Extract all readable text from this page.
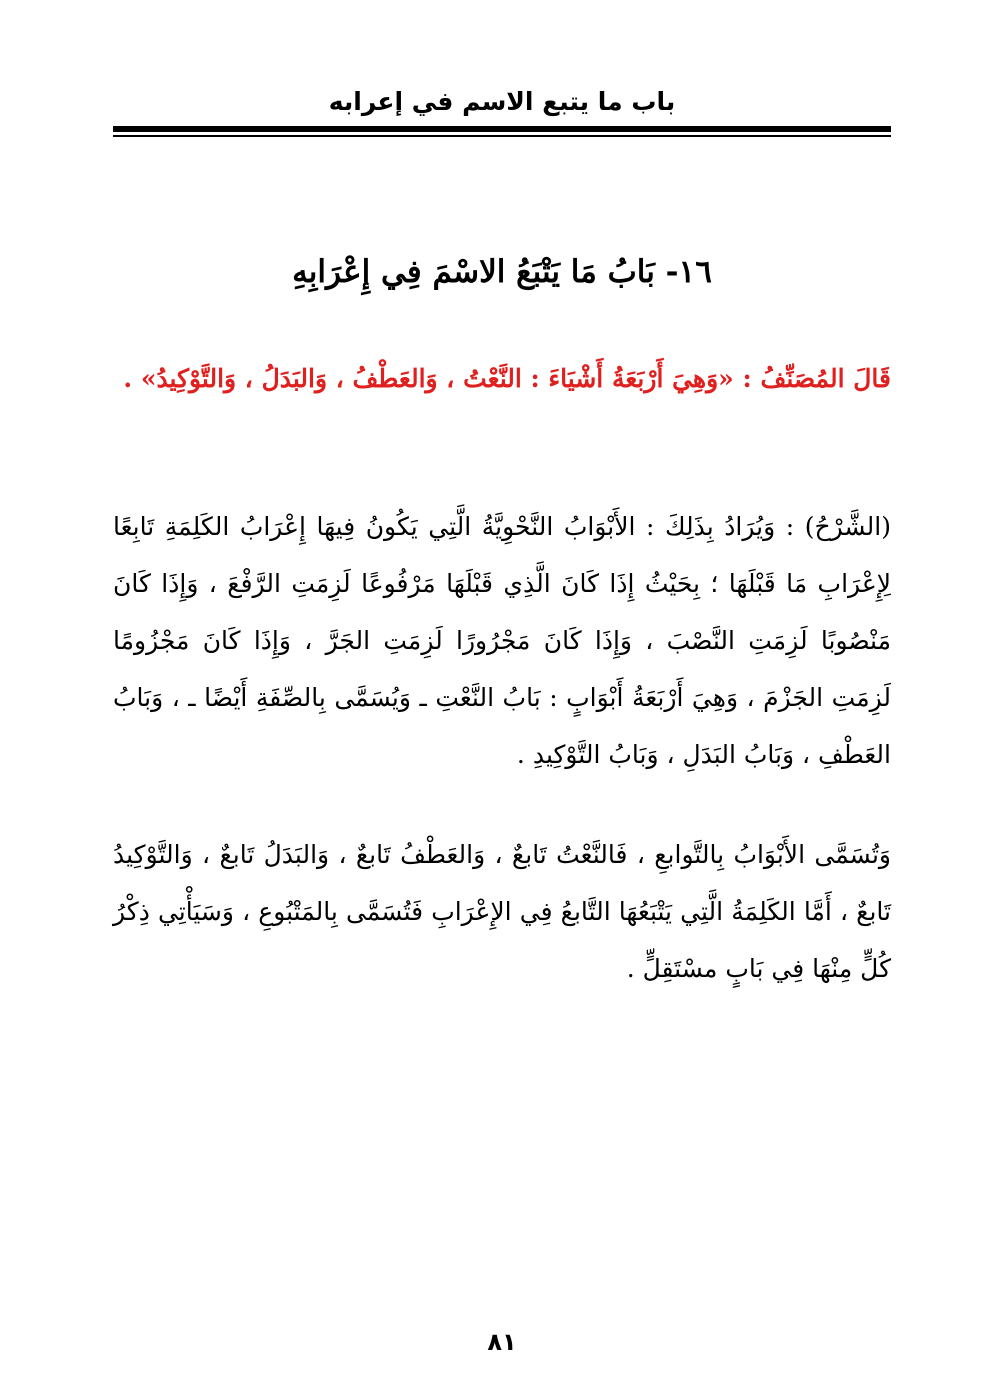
باب ما يتبع الاسم في إعرابه
١٦- بَابُ مَا يَتْبَعُ الاسْمَ فِي إِعْرَابِهِ
قَالَ المُصَنِّفُ : «وَهِيَ أَرْبَعَةُ أَشْيَاءَ : النَّعْتُ ، وَالعَطْفُ ، وَالبَدَلُ ، وَالتَّوْكِيدُ» .
(الشَّرْحُ) : وَيُرَادُ بِذَلِكَ : الأَبْوَابُ النَّحْوِيَّةُ الَّتِي يَكُونُ فِيهَا إِعْرَابُ الكَلِمَةِ تَابِعًا لِإِعْرَابِ مَا قَبْلَهَا ؛ بِحَيْثُ إِذَا كَانَ الَّذِي قَبْلَهَا مَرْفُوعًا لَزِمَتِ الرَّفْعَ ، وَإِذَا كَانَ مَنْصُوبًا لَزِمَتِ النَّصْبَ ، وَإِذَا كَانَ مَجْرُورًا لَزِمَتِ الجَرَّ ، وَإِذَا كَانَ مَجْزُومًا لَزِمَتِ الجَزْمَ ، وَهِيَ أَرْبَعَةُ أَبْوَابٍ : بَابُ النَّعْتِ ـ وَيُسَمَّى بِالصِّفَةِ أَيْضًا ـ ، وَبَابُ العَطْفِ ، وَبَابُ البَدَلِ ، وَبَابُ التَّوْكِيدِ .
وَتُسَمَّى الأَبْوَابُ بِالتَّوابعِ ، فَالنَّعْتُ تَابعٌ ، وَالعَطْفُ تَابعٌ ، وَالبَدَلُ تَابعٌ ، وَالتَّوْكِيدُ تَابعٌ ، أَمَّا الكَلِمَةُ الَّتِي يَتْبَعُهَا التَّابعُ فِي الإِعْرَابِ فَتُسَمَّى بِالمَتْبُوعِ ، وَسَيَأْتِي ذِكْرُ كُلٍّ مِنْهَا فِي بَابٍ مسْتَقِلٍّ .
٨١
